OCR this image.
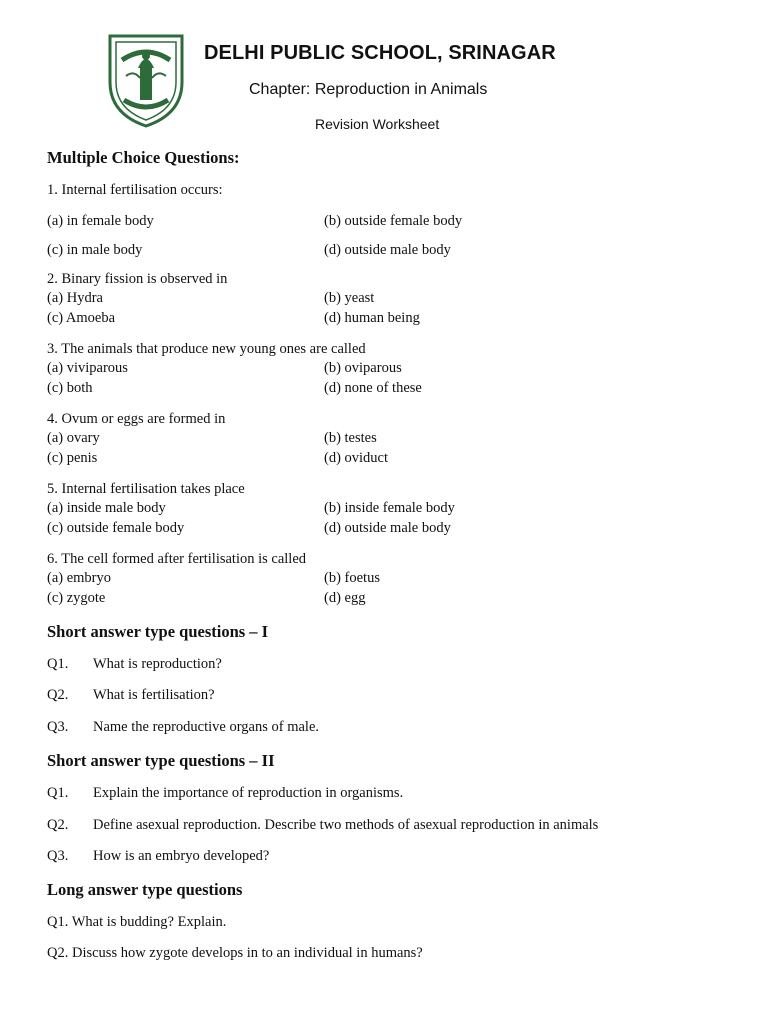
DELHI PUBLIC SCHOOL, SRINAGAR
Chapter: Reproduction in Animals
Revision Worksheet
Multiple Choice Questions:
1. Internal fertilisation occurs:
(a) in female body	(b) outside female body
(c) in male body	(d) outside male body
2. Binary fission is observed in
(a) Hydra	(b) yeast
(c) Amoeba	(d) human being
3. The animals that produce new young ones are called
(a) viviparous	(b) oviparous
(c) both	(d) none of these
4. Ovum or eggs are formed in
(a) ovary	(b) testes
(c) penis	(d) oviduct
5. Internal fertilisation takes place
(a) inside male body	(b) inside female body
(c) outside female body	(d) outside male body
6. The cell formed after fertilisation is called
(a) embryo	(b) foetus
(c) zygote	(d) egg
Short answer type questions – I
Q1. What is reproduction?
Q2. What is fertilisation?
Q3. Name the reproductive organs of male.
Short answer type questions – II
Q1. Explain the importance of reproduction in organisms.
Q2. Define asexual reproduction. Describe two methods of asexual reproduction in animals
Q3. How is an embryo developed?
Long answer type questions
Q1. What is budding? Explain.
Q2. Discuss how zygote develops in to an individual in humans?
